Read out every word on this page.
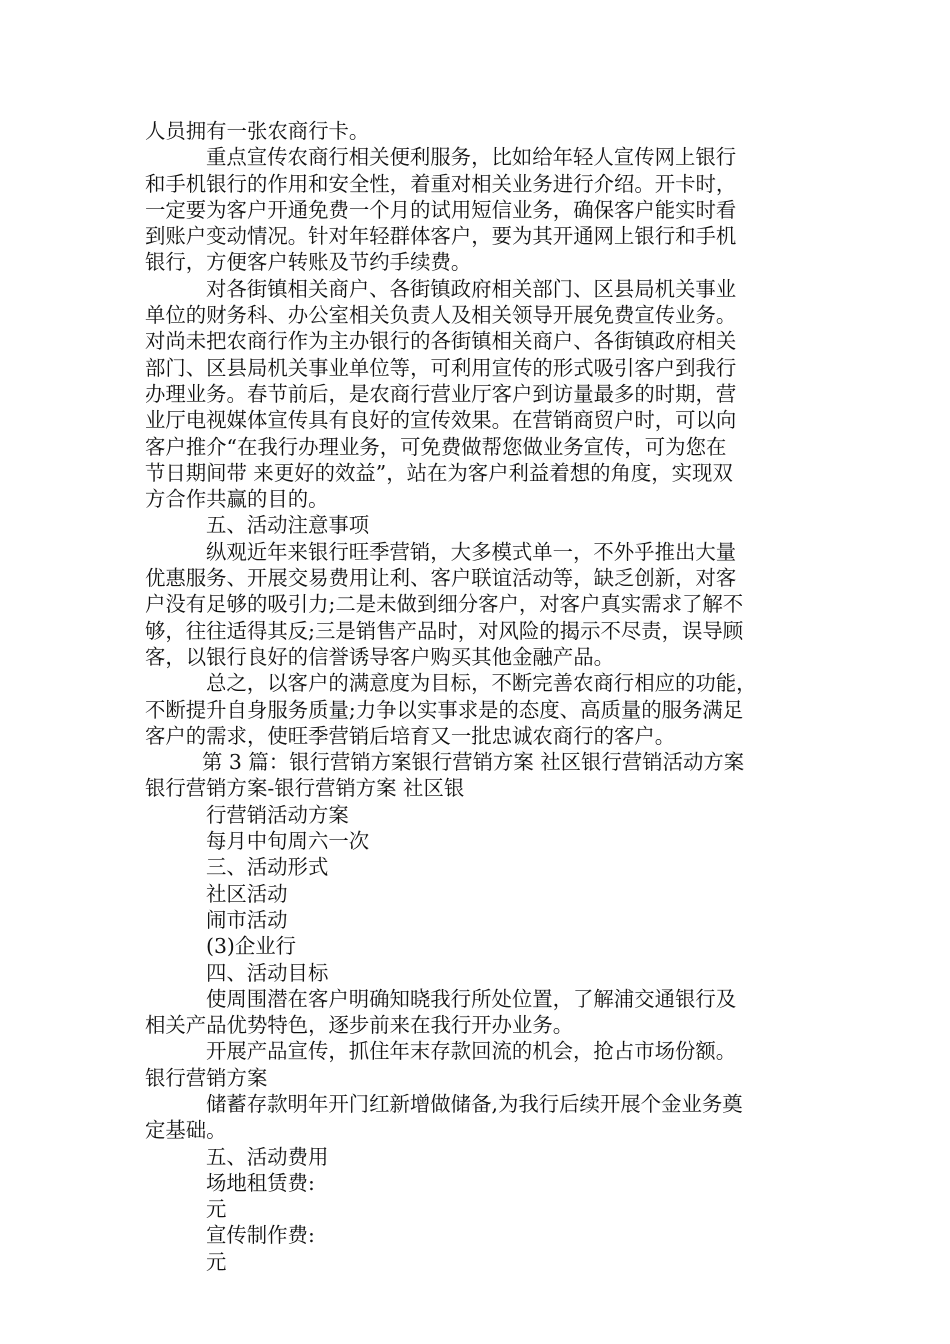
人员拥有一张农商行卡。
重点宣传农商行相关便利服务，比如给年轻人宣传网上银行
和手机银行的作用和安全性，着重对相关业务进行介绍。开卡时，
一定要为客户开通免费一个月的试用短信业务，确保客户能实时看
到账户变动情况。针对年轻群体客户，要为其开通网上银行和手机
银行，方便客户转账及节约手续费。
对各街镇相关商户、各街镇政府相关部门、区县局机关事业
单位的财务科、办公室相关负责人及相关领导开展免费宣传业务。
对尚未把农商行作为主办银行的各街镇相关商户、各街镇政府相关
部门、区县局机关事业单位等，可利用宣传的形式吸引客户到我行
办理业务。春节前后，是农商行营业厅客户到访量最多的时期，营
业厅电视媒体宣传具有良好的宣传效果。在营销商贸户时，可以向
客户推介“在我行办理业务，可免费做帮您做业务宣传，可为您在
节日期间带 来更好的效益”，站在为客户利益着想的角度，实现双
方合作共赢的目的。
五、活动注意事项
纵观近年来银行旺季营销，大多模式单一，不外乎推出大量
优惠服务、开展交易费用让利、客户联谊活动等，缺乏创新，对客
户没有足够的吸引力;二是未做到细分客户，对客户真实需求了解不
够，往往适得其反;三是销售产品时，对风险的揭示不尽责，误导顾
客，以银行良好的信誉诱导客户购买其他金融产品。
总之，以客户的满意度为目标，不断完善农商行相应的功能，
不断提升自身服务质量;力争以实事求是的态度、高质量的服务满足
客户的需求，使旺季营销后培育又一批忠诚农商行的客户。
第 3 篇：银行营销方案银行营销方案 社区银行营销活动方案
银行营销方案-银行营销方案 社区银
行营销活动方案
每月中旬周六一次
三、活动形式
社区活动
闹市活动
(3)企业行
四、活动目标
使周围潜在客户明确知晓我行所处位置，了解浦交通银行及
相关产品优势特色，逐步前来在我行开办业务。
开展产品宣传，抓住年末存款回流的机会，抢占市场份额。
银行营销方案
储蓄存款明年开门红新增做储备,为我行后续开展个金业务奠
定基础。
五、活动费用
场地租赁费:
元
宣传制作费:
元
